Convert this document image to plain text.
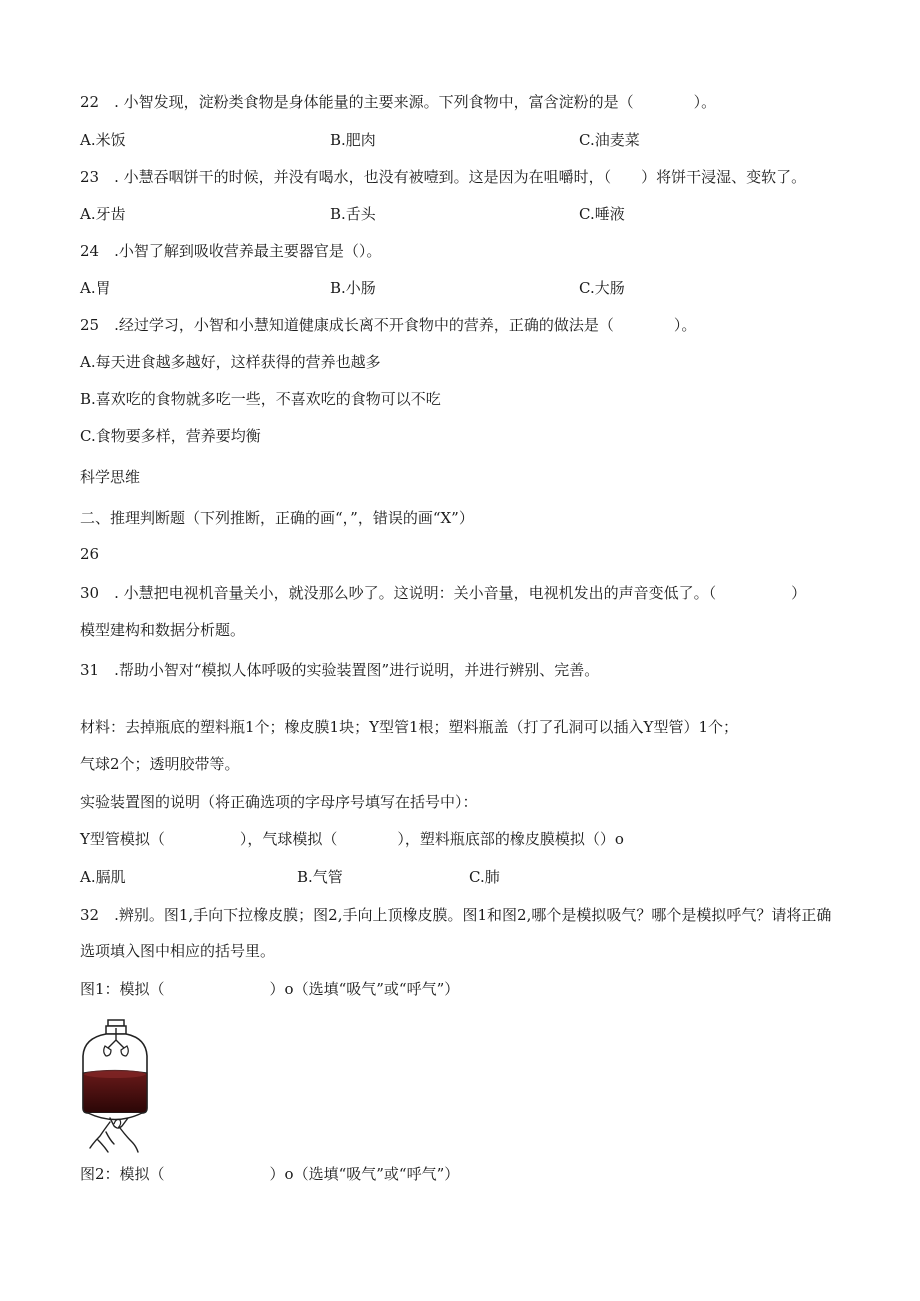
22　. 小智发现，淀粉类食物是身体能量的主要来源。下列食物中，富含淀粉的是（　　　　）。
A.米饭	B.肥肉	C.油麦菜
23　. 小慧吞咽饼干的时候，并没有喝水，也没有被噎到。这是因为在咀嚼时，（　　）将饼干浸湿、变软了。
A.牙齿	B.舌头	C.唾液
24　.小智了解到吸收营养最主要器官是（）。
A.胃	B.小肠	C.大肠
25　.经过学习，小智和小慧知道健康成长离不开食物中的营养，正确的做法是（　　　　）。
A.每天进食越多越好，这样获得的营养也越多
B.喜欢吃的食物就多吃一些，不喜欢吃的食物可以不吃
C.食物要多样，营养要均衡
科学思维
二、推理判断题（下列推断，正确的画“，”，错误的画“X”）
26
30　. 小慧把电视机音量关小，就没那么吵了。这说明：关小音量，电视机发出的声音变低了。（　　　　　）
模型建构和数据分析题。
31　.帮助小智对“模拟人体呼吸的实验装置图”进行说明，并进行辨别、完善。
材料：去掉瓶底的塑料瓶1个；橡皮膜1块；Y型管1根；塑料瓶盖（打了孔洞可以插入Y型管）1个；
气球2个；透明胶带等。
实验装置图的说明（将正确选项的字母序号填写在括号中）：
Y型管模拟（　　　　　），气球模拟（　　　　），塑料瓶底部的橡皮膜模拟（）o
A.膈肌	B.气管	C.肺
32　.辨别。图1,手向下拉橡皮膜；图2,手向上顶橡皮膜。图1和图2,哪个是模拟吸气？哪个是模拟呼气？请将正确
选项填入图中相应的括号里。
图1：模拟（　　　　　　　）o（选填“吸气”或“呼气”）
图2：模拟（　　　　　　　）o（选填“吸气”或“呼气”）
